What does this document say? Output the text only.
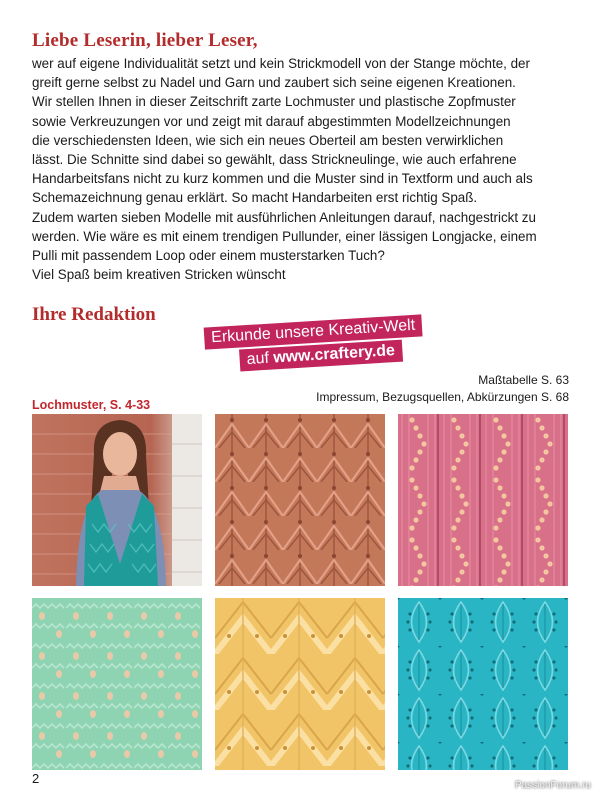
Liebe Leserin, lieber Leser,

wer auf eigene Individualität setzt und kein Strickmodell von der Stange möchte, der

greift gerne selbst zu Nadel und Garn und zaubert sich seine eigenen Kreationen.

Wir stellen Ihnen in dieser Zeitschrift zarte Lochmuster und plastische Zopfmuster

sowie Verkreuzungen vor und zeigt mit darauf abgestimmten Modellzeichnungen

die verschiedensten Ideen, wie sich ein neues Oberteil am besten verwirklichen

lässt. Die Schnitte sind dabei so gewählt, dass Strickneulinge, wie auch erfahrene

Handarbeitsfans nicht zu kurz kommen und die Muster sind in Textform und auch als

Schemazeichnung genau erklärt. So macht Handarbeiten erst richtig Spaß.

Zudem warten sieben Modelle mit ausführlichen Anleitungen darauf, nachgestrickt zu

werden. Wie wäre es mit einem trendigen Pullunder, einer lässigen Longjacke, einem

Pulli mit passendem Loop oder einem musterstarken Tuch?

Viel Spaß beim kreativen Stricken wünscht

Ihre Redaktion
Erkunde unsere Kreativ-Welt
auf www.craftery.de
Maßtabelle S. 63
Impressum, Bezugsquellen, Abkürzungen S. 68
Lochmuster, S. 4-33
2	PassionForum.ru
